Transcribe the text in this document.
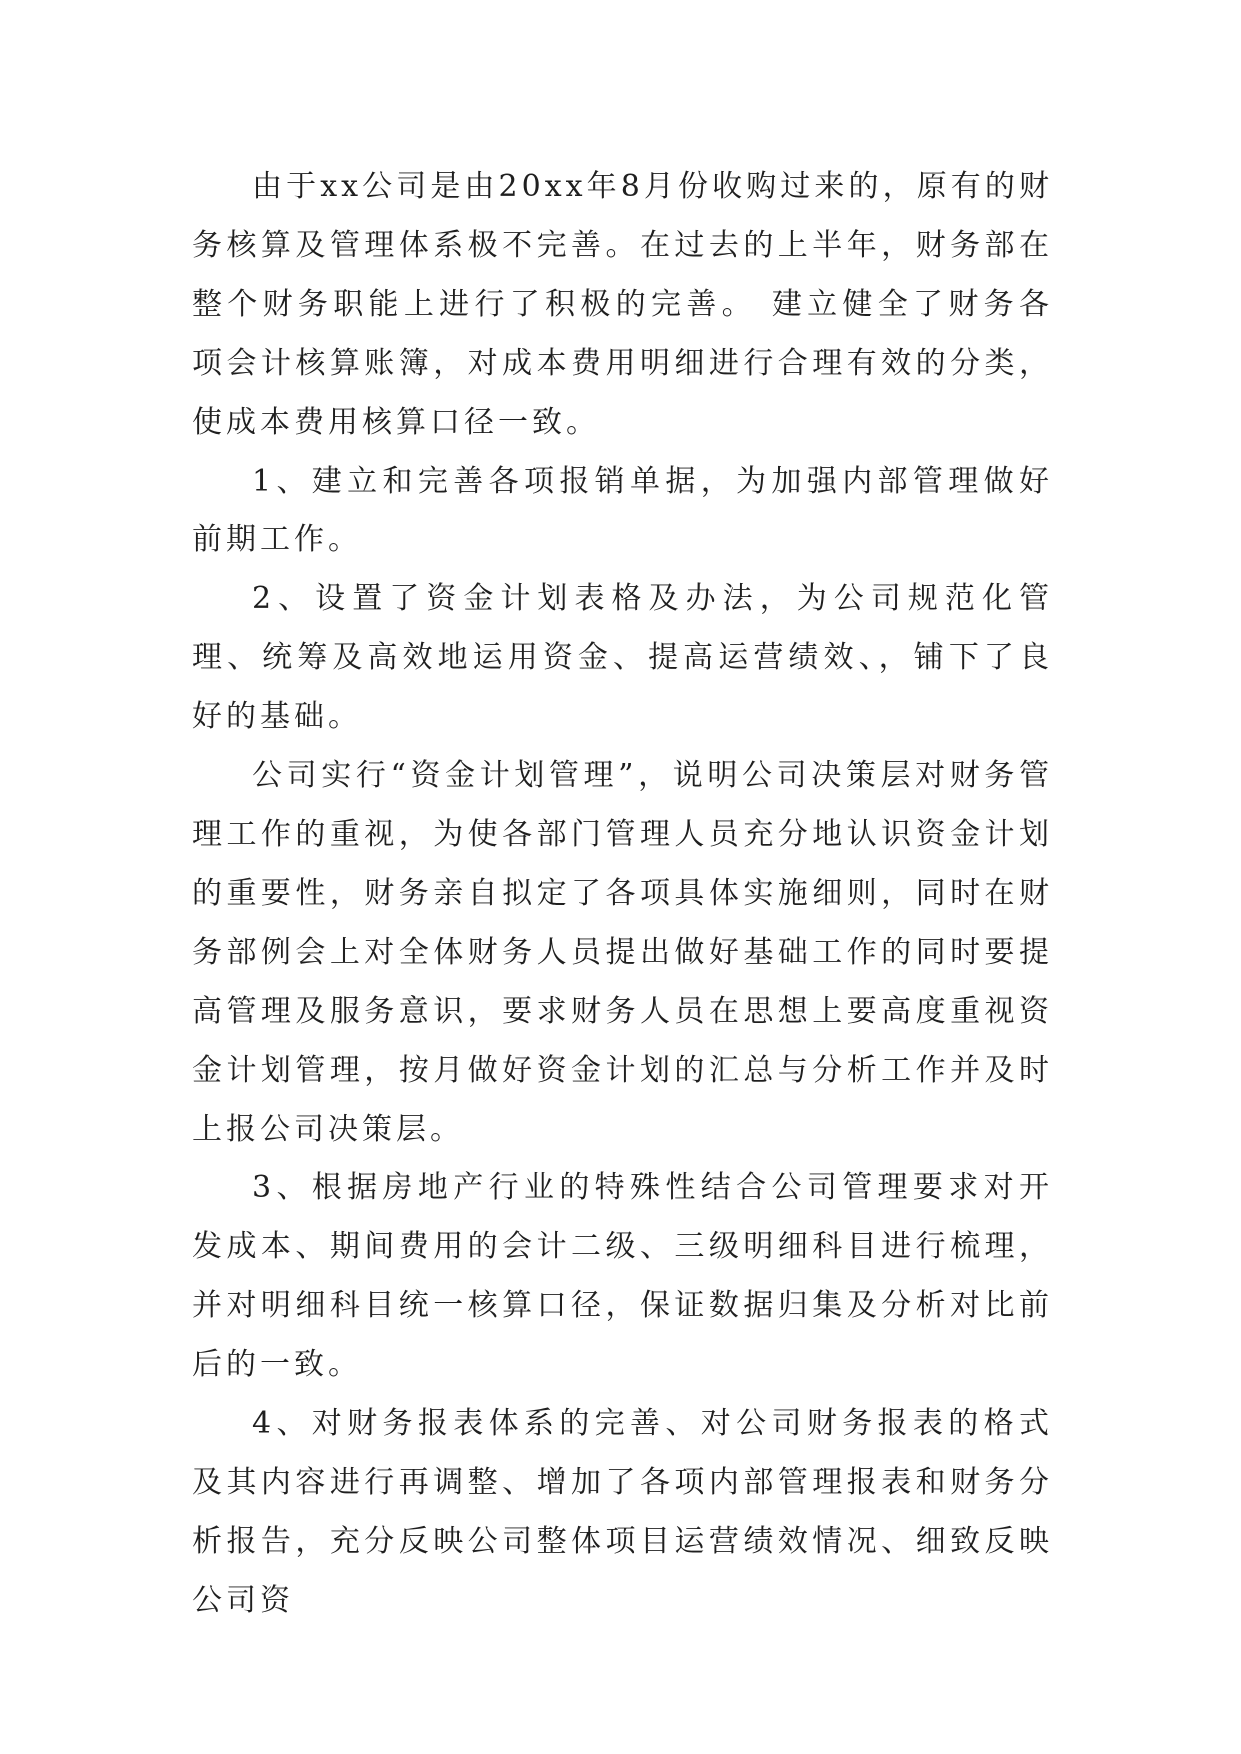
由于xx公司是由20xx年8月份收购过来的，原有的财务核算及管理体系极不完善。在过去的上半年，财务部在整个财务职能上进行了积极的完善。 建立健全了财务各项会计核算账簿，对成本费用明细进行合理有效的分类，使成本费用核算口径一致。

1、建立和完善各项报销单据，为加强内部管理做好前期工作。

2、设置了资金计划表格及办法，为公司规范化管理、统筹及高效地运用资金、提高运营绩效、，铺下了良好的基础。

公司实行“资金计划管理”，说明公司决策层对财务管理工作的重视，为使各部门管理人员充分地认识资金计划的重要性，财务亲自拟定了各项具体实施细则，同时在财务部例会上对全体财务人员提出做好基础工作的同时要提高管理及服务意识，要求财务人员在思想上要高度重视资金计划管理，按月做好资金计划的汇总与分析工作并及时上报公司决策层。

3、根据房地产行业的特殊性结合公司管理要求对开发成本、期间费用的会计二级、三级明细科目进行梳理，并对明细科目统一核算口径，保证数据归集及分析对比前后的一致。

4、对财务报表体系的完善、对公司财务报表的格式及其内容进行再调整、增加了各项内部管理报表和财务分析报告，充分反映公司整体项目运营绩效情况、细致反映公司资
